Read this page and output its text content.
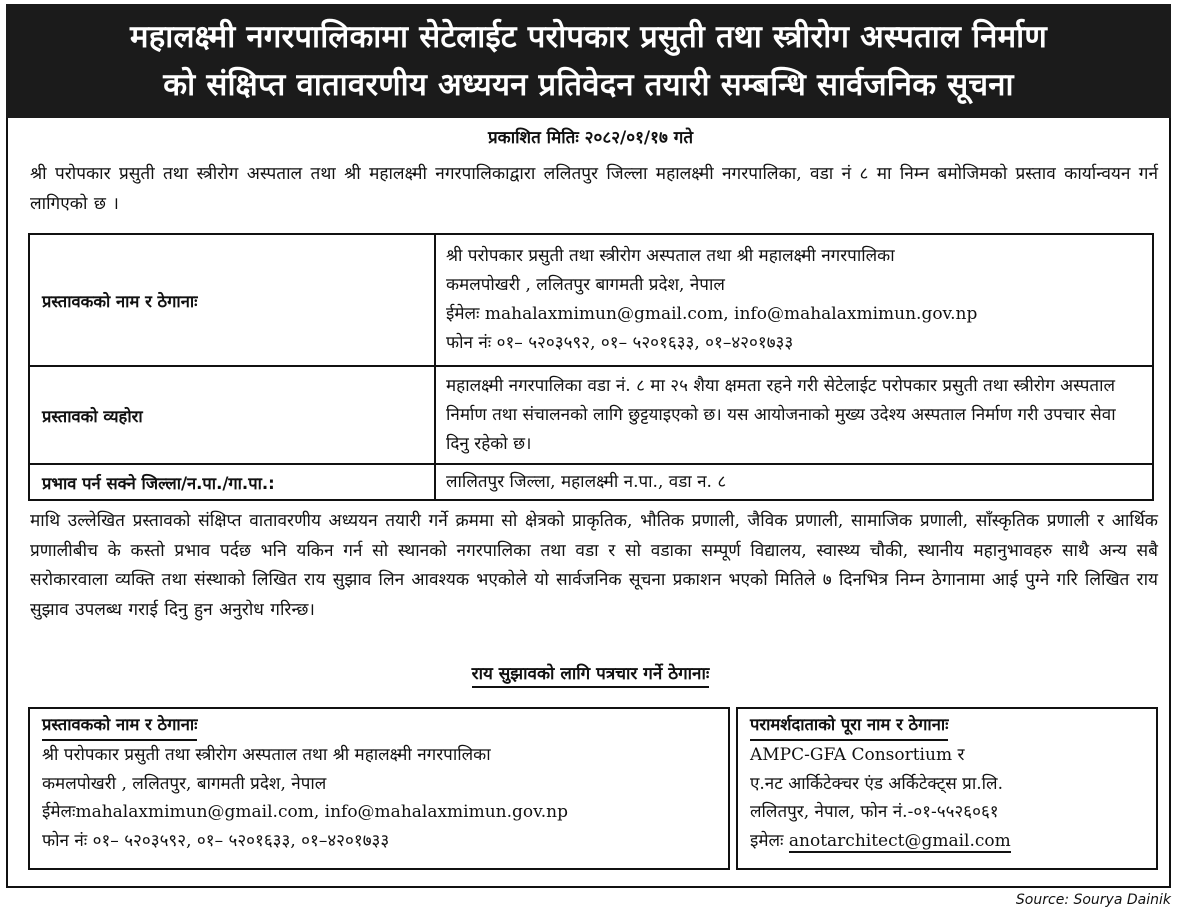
महालक्ष्मी नगरपालिकामा सेटेलाईट परोपकार प्रसुती तथा स्त्रीरोग अस्पताल निर्माण
को संक्षिप्त वातावरणीय अध्ययन प्रतिवेदन तयारी सम्बन्धि सार्वजनिक सूचना
प्रकाशित मितिः २०८२/०१/१७ गते
श्री परोपकार प्रसुती तथा स्त्रीरोग अस्पताल तथा श्री महालक्ष्मी नगरपालिकाद्वारा ललितपुर जिल्ला महालक्ष्मी नगरपालिका, वडा नं ८ मा निम्न बमोजिमको प्रस्ताव कार्यान्वयन गर्न लागिएको छ ।
प्रस्तावकको नाम र ठेगानाः	श्री परोपकार प्रसुती तथा स्त्रीरोग अस्पताल तथा श्री महालक्ष्मी नगरपालिका
कमलपोखरी , ललितपुर बागमती प्रदेश, नेपाल
ईमेलः mahalaxmimun@gmail.com, info@mahalaxmimun.gov.np
फोन नंः ०१– ५२०३५९२, ०१– ५२०१६३३, ०१–४२०१७३३

प्रस्तावको व्यहोरा	महालक्ष्मी नगरपालिका वडा नं. ८ मा २५ शैया क्षमता रहने गरी सेटेलाईट परोपकार प्रसुती तथा स्त्रीरोग अस्पताल निर्माण तथा संचालनको लागि छुट्टयाइएको छ। यस आयोजनाको मुख्य उदेश्य अस्पताल निर्माण गरी उपचार सेवा दिनु रहेको छ।
प्रभाव पर्न सक्ने जिल्ला/न.पा./गा.पा.:	लालितपुर जिल्ला, महालक्ष्मी न.पा., वडा न. ८
माथि उल्लेखित प्रस्तावको संक्षिप्त वातावरणीय अध्ययन तयारी गर्ने क्रममा सो क्षेत्रको प्राकृतिक, भौतिक प्रणाली, जैविक प्रणाली, सामाजिक प्रणाली, साँस्कृतिक प्रणाली र आर्थिक प्रणालीबीच के कस्तो प्रभाव पर्दछ भनि यकिन गर्न सो स्थानको नगरपालिका तथा वडा र सो वडाका सम्पूर्ण विद्यालय, स्वास्थ्य चौकी, स्थानीय महानुभावहरु साथै अन्य सबै सरोकारवाला व्यक्ति तथा संस्थाको लिखित राय सुझाव लिन आवश्यक भएकोले यो सार्वजनिक सूचना प्रकाशन भएको मितिले ७ दिनभित्र निम्न ठेगानामा आई पुग्ने गरि लिखित राय सुझाव उपलब्ध गराई दिनु हुन अनुरोध गरिन्छ।
राय सुझावको लागि पत्रचार गर्ने ठेगानाः
प्रस्तावकको नाम र ठेगानाः
श्री परोपकार प्रसुती तथा स्त्रीरोग अस्पताल तथा श्री महालक्ष्मी नगरपालिका
कमलपोखरी , ललितपुर, बागमती प्रदेश, नेपाल
ईमेलःmahalaxmimun@gmail.com, info@mahalaxmimun.gov.np
फोन नंः ०१– ५२०३५९२, ०१– ५२०१६३३, ०१–४२०१७३३
परामर्शदाताको पूरा नाम र ठेगानाः
AMPC-GFA Consortium र
ए.नट आर्किटेक्चर एंड अर्किटेक्ट्स प्रा.लि.
ललितपुर, नेपाल, फोन नं.-०१-५५२६०६१
इमेलः anotarchitect@gmail.com
Source: Sourya Dainik
